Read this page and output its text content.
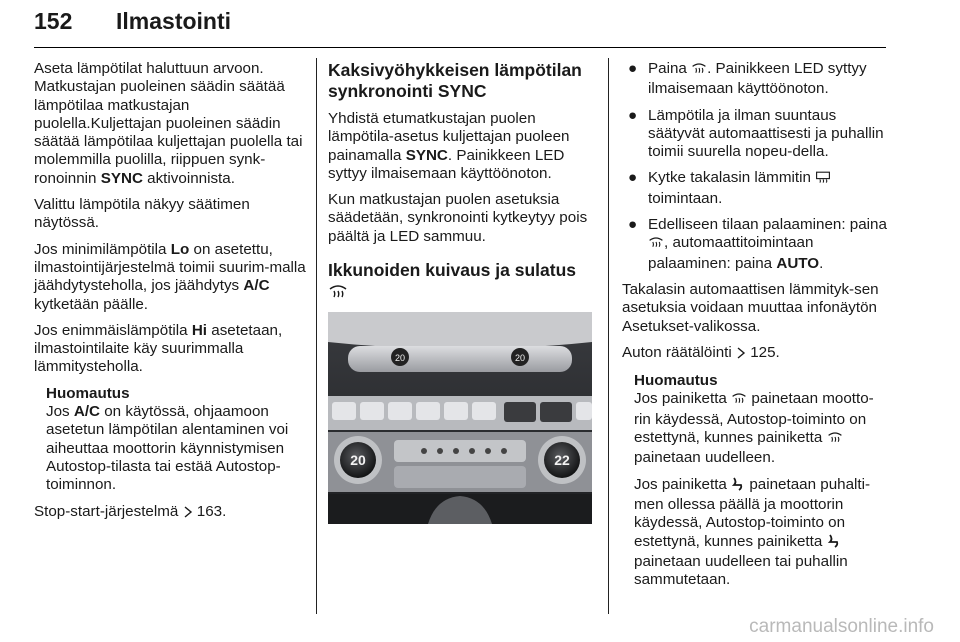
152 Ilmastointi

Aseta lämpötilat haluttuun arvoon. Matkustajan puoleinen säädin säätää lämpötilaa matkustajan puolella.Kuljettajan puoleinen säädin säätää lämpötilaa kuljettajan puolella tai molemmilla puolilla, riippuen synk-ronoinnin SYNC aktivoinnista.

Valittu lämpötila näkyy säätimen näytössä.

Jos minimilämpötila Lo on asetettu, ilmastointijärjestelmä toimii suurim-malla jäähdytysteholla, jos jäähdytys A/C kytketään päälle.

Jos enimmäislämpötila Hi asetetaan, ilmastointilaite käy suurimmalla lämmitysteholla.

Huomautus

Jos A/C on käytössä, ohjaamoon asetetun lämpötilan alentaminen voi aiheuttaa moottorin käynnistymisen Autostop-tilasta tai estää Autostop-toiminnon.

Stop-start-järjestelmä  163.

Kaksivyöhykkeisen lämpötilan synkronointi SYNC

Yhdistä etumatkustajan puolen lämpötila-asetus kuljettajan puoleen painamalla SYNC. Painikkeen LED syttyy ilmaisemaan käyttöönoton.

Kun matkustajan puolen asetuksia säädetään, synkronointi kytkeytyy pois päältä ja LED sammuu.

Ikkunoiden kuivaus ja sulatus
20	20
20	22
● Paina . Painikkeen LED syttyy ilmaisemaan käyttöönoton.
● Lämpötila ja ilman suuntaus säätyvät automaattisesti ja puhallin toimii suurella nopeu-della.
● Kytke takalasin lämmitin
toimintaan.
● Edelliseen tilaan palaaminen: paina , automaattitoimintaan palaaminen: paina AUTO.

Takalasin automaattisen lämmityk-sen asetuksia voidaan muuttaa infonäytön Asetukset-valikossa.

Auton räätälöinti  125.

Huomautus

Jos painiketta  painetaan mootto-rin käydessä, Autostop-toiminto on estettynä, kunnes painiketta  painetaan uudelleen.

Jos painiketta  painetaan puhalti-men ollessa päällä ja moottorin käydessä, Autostop-toiminto on estettynä, kunnes painiketta  painetaan uudelleen tai puhallin sammutetaan.

carmanualsonline.info
